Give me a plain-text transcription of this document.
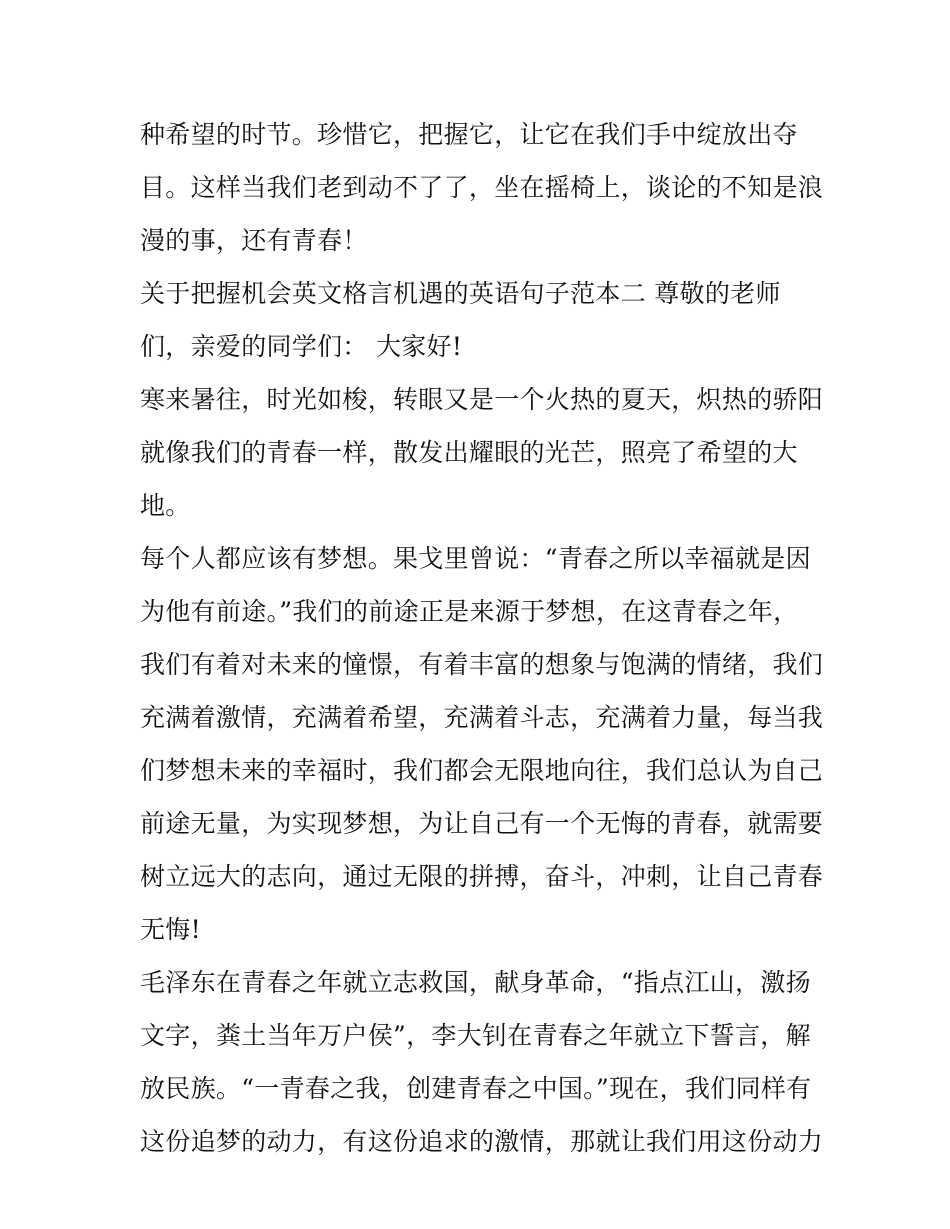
种希望的时节。珍惜它，把握它，让它在我们手中绽放出夺
目。这样当我们老到动不了了，坐在摇椅上，谈论的不知是浪
漫的事，还有青春！
关于把握机会英文格言机遇的英语句子范本二 尊敬的老师
们，亲爱的同学们： 大家好!
寒来暑往，时光如梭，转眼又是一个火热的夏天，炽热的骄阳
就像我们的青春一样，散发出耀眼的光芒，照亮了希望的大
地。
每个人都应该有梦想。果戈里曾说：“青春之所以幸福就是因
为他有前途。”我们的前途正是来源于梦想，在这青春之年，
我们有着对未来的憧憬，有着丰富的想象与饱满的情绪，我们
充满着激情，充满着希望，充满着斗志，充满着力量，每当我
们梦想未来的幸福时，我们都会无限地向往，我们总认为自己
前途无量，为实现梦想，为让自己有一个无悔的青春，就需要
树立远大的志向，通过无限的拼搏，奋斗，冲刺，让自己青春
无悔!
毛泽东在青春之年就立志救国，献身革命，“指点江山，激扬
文字，粪土当年万户侯”，李大钊在青春之年就立下誓言，解
放民族。“一青春之我，创建青春之中国。”现在，我们同样有
这份追梦的动力，有这份追求的激情，那就让我们用这份动力
